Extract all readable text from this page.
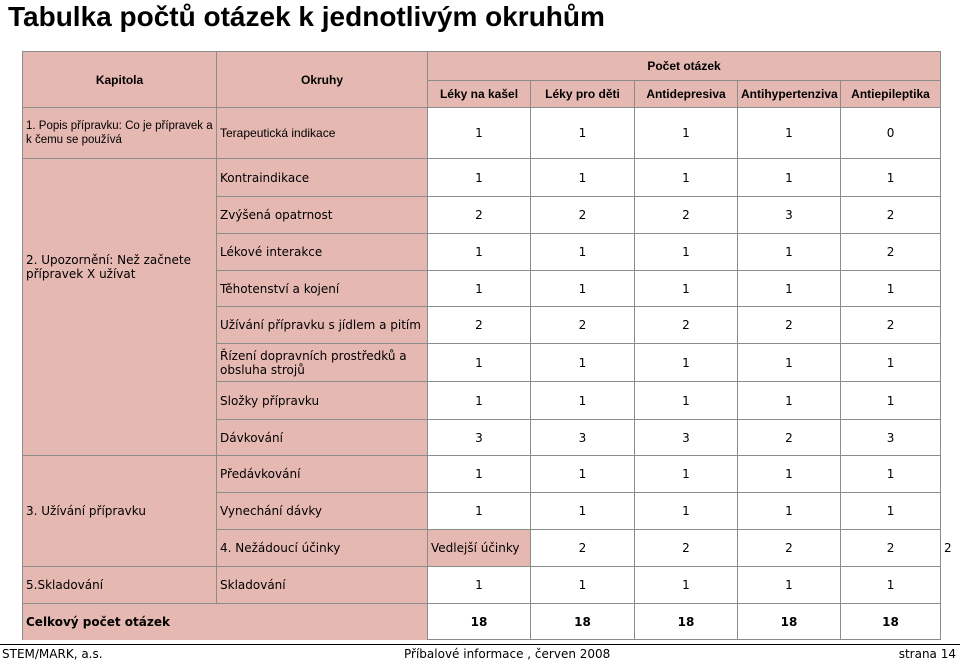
Tabulka počtů otázek k jednotlivým okruhům
Kapitola	Okruhy	Počet otázek					
		Léky na kašel	Léky pro děti	Antidepresiva	Antihypertenziva	Antiepileptika	
1. Popis přípravku: Co je přípravek a k čemu se používá	Terapeutická indikace	1	1	1	1	0	
2. Upozornění: Než začnete přípravek X užívat	Kontraindikace	1	1	1	1	1	
	Zvýšená opatrnost	2	2	2	3	2	
	Lékové interakce	1	1	1	1	2	
	Těhotenství a kojení	1	1	1	1	1	
	Užívání přípravku s jídlem a pitím	2	2	2	2	2	
	Řízení dopravních prostředků a obsluha strojů	1	1	1	1	1	
	Složky přípravku	1	1	1	1	1	
	Dávkování	3	3	3	2	3	
3. Užívání přípravku	Předávkování	1	1	1	1	1	
	Vynechání dávky	1	1	1	1	1	
	4. Nežádoucí účinky	Vedlejší účinky	2	2	2	2	2
5.Skladování	Skladování	1	1	1	1	1	
Celkový počet otázek		18	18	18	18	18	
STEM/MARK, a.s.	Příbalové informace , červen 2008	strana 14
